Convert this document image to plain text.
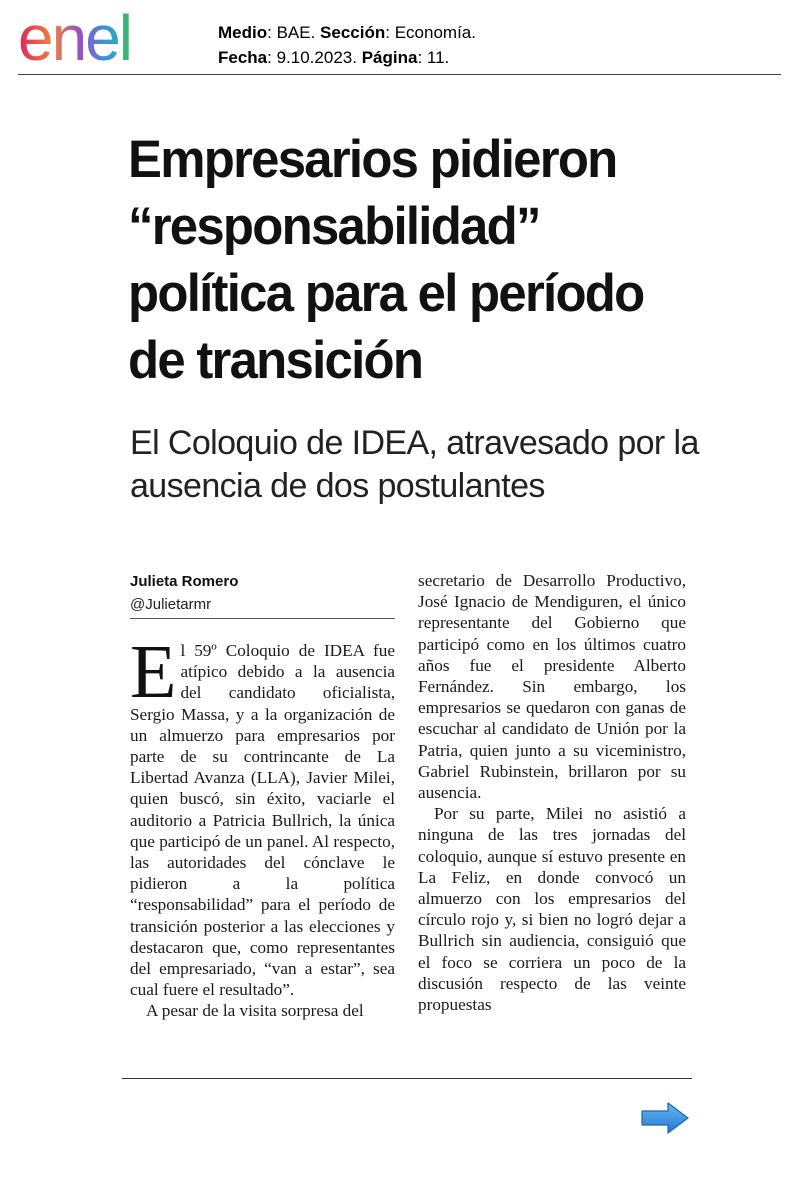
enel	Medio: BAE. Sección: Economía.
Fecha: 9.10.2023. Página: 11.
Empresarios pidieron “responsabilidad” política para el período de transición
El Coloquio de IDEA, atravesado por la ausencia de dos postulantes
Julieta Romero
@Julietarmr

El 59º Coloquio de IDEA fue atípico debido a la ausencia del candidato oficialista, Sergio Massa, y a la organización de un almuerzo para empresarios por parte de su contrincante de La Libertad Avanza (LLA), Javier Milei, quien buscó, sin éxito, vaciarle el auditorio a Patricia Bullrich, la única que participó de un panel. Al respecto, las autoridades del cónclave le pidieron a la política “responsabilidad” para el período de transición posterior a las elecciones y destacaron que, como representantes del empresariado, “van a estar”, sea cual fuere el resultado”.

A pesar de la visita sorpresa del

secretario de Desarrollo Productivo, José Ignacio de Mendiguren, el único representante del Gobierno que participó como en los últimos cuatro años fue el presidente Alberto Fernández. Sin embargo, los empresarios se quedaron con ganas de escuchar al candidato de Unión por la Patria, quien junto a su viceministro, Gabriel Rubinstein, brillaron por su ausencia.

Por su parte, Milei no asistió a ninguna de las tres jornadas del coloquio, aunque sí estuvo presente en La Feliz, en donde convocó un almuerzo con los empresarios del círculo rojo y, si bien no logró dejar a Bullrich sin audiencia, consiguió que el foco se corriera un poco de la discusión respecto de las veinte propuestas
